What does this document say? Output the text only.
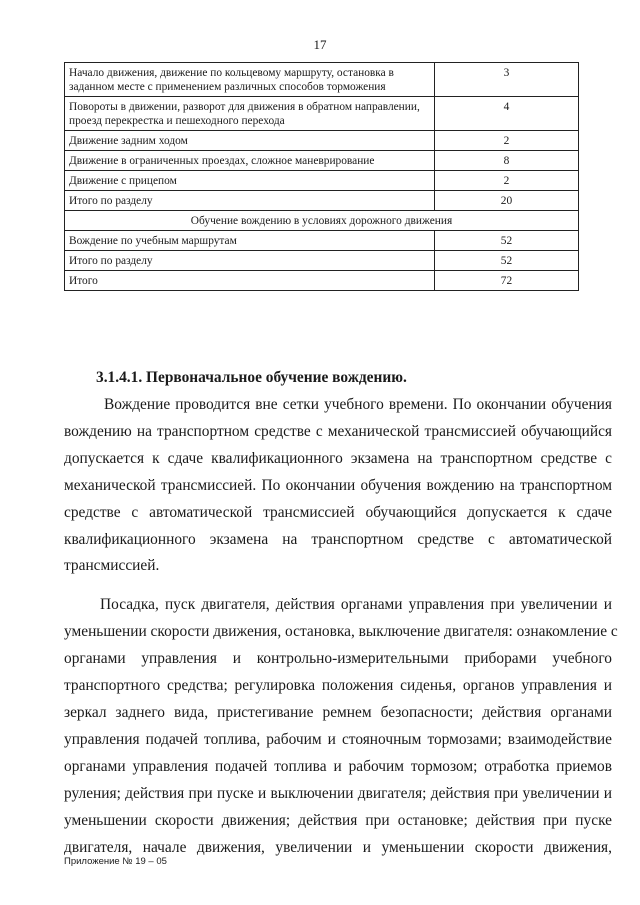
17
Начало движения, движение по кольцевому маршруту, остановка в заданном месте с применением различных способов торможения	3
Повороты в движении, разворот для движения в обратном направлении, проезд перекрестка и пешеходного перехода	4
Движение задним ходом	2
Движение в ограниченных проездах, сложное маневрирование	8
Движение с прицепом	2
Итого по разделу	20
Обучение вождению в условиях дорожного движения	
Вождение по учебным маршрутам	52
Итого по разделу	52
Итого	72
3.1.4.1. Первоначальное обучение вождению.
Вождение проводится вне сетки учебного времени. По окончании обучения
вождению на транспортном средстве с механической трансмиссией обучающийся
допускается к сдаче квалификационного экзамена на транспортном средстве с
механической трансмиссией. По окончании обучения вождению на транспортном
средстве с автоматической трансмиссией обучающийся допускается к сдаче
квалификационного экзамена на транспортном средстве с автоматической
трансмиссией.
Посадка, пуск двигателя, действия органами управления при увеличении и
уменьшении скорости движения, остановка, выключение двигателя: ознакомление с
органами управления и контрольно-измерительными приборами учебного
транспортного средства; регулировка положения сиденья, органов управления и
зеркал заднего вида, пристегивание ремнем безопасности; действия органами
управления подачей топлива, рабочим и стояночным тормозами; взаимодействие
органами управления подачей топлива и рабочим тормозом; отработка приемов
руления; действия при пуске и выключении двигателя; действия при увеличении и
уменьшении скорости движения; действия при остановке; действия при пуске
двигателя, начале движения, увеличении и уменьшении скорости движения,
Приложение № 19 – 05
